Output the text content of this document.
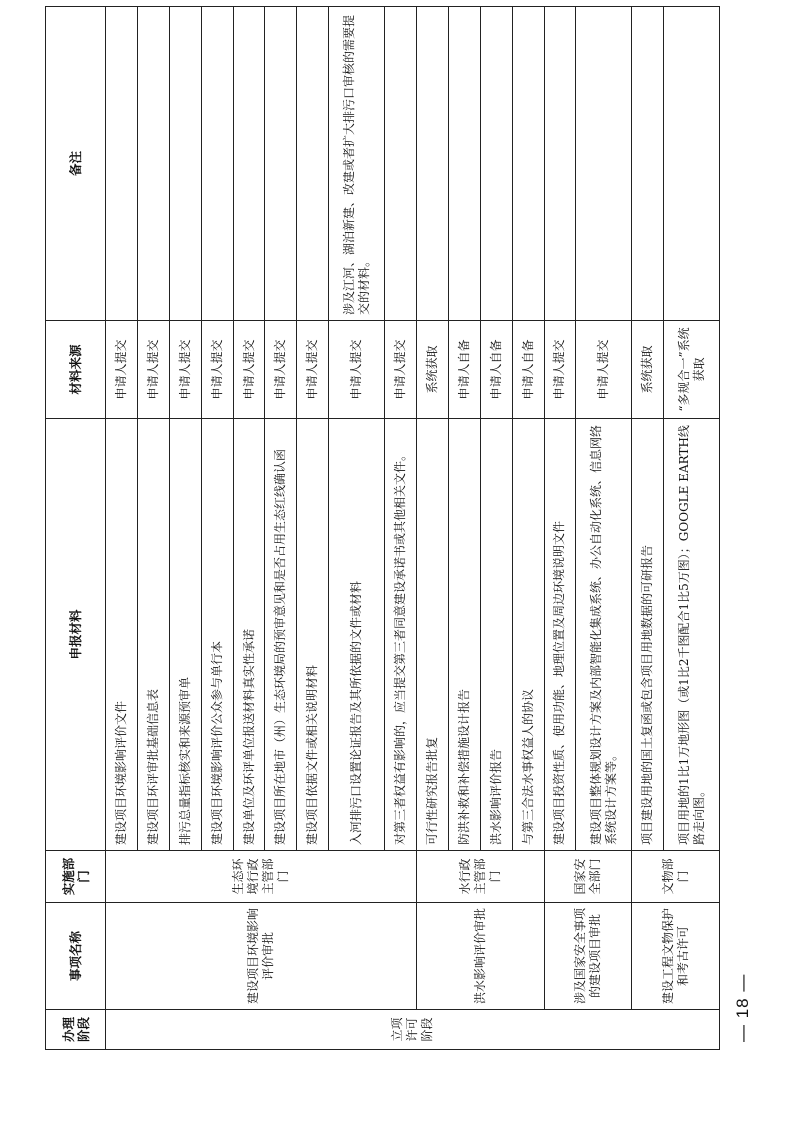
办理阶段	事项名称	实施部门	申报材料	材料来源	备注
立项许可阶段	建设项目环境影响评价审批	生态环境行政主管部门	建设项目环境影响评价文件	申请人提交	
			建设项目环评审批基础信息表	申请人提交	
			排污总量指标核实和来源预审单	申请人提交	
			建设项目环境影响评价公众参与单行本	申请人提交	
			建设单位及环评单位报送材料真实性承诺	申请人提交	
			建设项目所在地市（州）生态环境局的预审意见和是否占用生态红线确认函	申请人提交	
			建设项目依据文件或相关说明材料	申请人提交	
			入河排污口设置论证报告及其所依据的文件或材料	申请人提交	涉及江河、湖泊新建、改建或者扩大排污口审核的需要提交的材料。
			对第三者权益有影响的，应当提交第三者同意建设承诺书或其他相关文件。	申请人提交	
	洪水影响评价审批	水行政主管部门	可行性研究报告批复	系统获取	
			防洪补救和补偿措施设计报告	申请人自备	
			洪水影响评价报告	申请人自备	
			与第三合法水事权益人的协议	申请人自备	
	涉及国家安全事项的建设项目审批	国家安全部门	建设项目投资性质、使用功能、地理位置及周边环境说明文件	申请人提交	
			建设项目整体规划设计方案及内部智能化集成系统、办公自动化系统、信息网络系统设计方案等。	申请人提交	
	建设工程文物保护和考古许可	文物部门	项目建设用地的国土复函或包含项目用地数据的可研报告	系统获取	
			项目用地的1比1万地形图（或1比2千图配合1比5万图）；GOOGLE EARTH线路走向图。	“多规合一”系统获取	
— 18 —
